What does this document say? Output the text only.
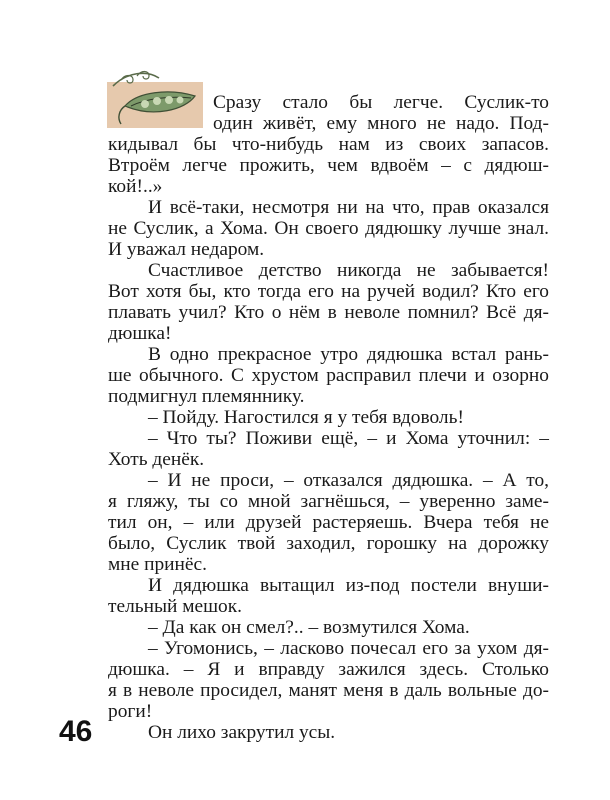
Сразу стало бы легче. Суслик-то
один живёт, ему много не надо. Под-
кидывал бы что-нибудь нам из своих запасов.
Втроём легче прожить, чем вдвоём – с дядюш-
кой!..»
И всё-таки, несмотря ни на что, прав оказался
не Суслик, а Хома. Он своего дядюшку лучше знал.
И уважал недаром.
Счастливое детство никогда не забывается!
Вот хотя бы, кто тогда его на ручей водил? Кто его
плавать учил? Кто о нём в неволе помнил? Всё дя-
дюшка!
В одно прекрасное утро дядюшка встал рань-
ше обычного. С хрустом расправил плечи и озорно
подмигнул племяннику.
– Пойду. Нагостился я у тебя вдоволь!
– Что ты? Поживи ещё, – и Хома уточнил: –
Хоть денёк.
– И не проси, – отказался дядюшка. – А то,
я гляжу, ты со мной загнёшься, – уверенно заме-
тил он, – или друзей растеряешь. Вчера тебя не
было, Суслик твой заходил, горошку на дорожку
мне принёс.
И дядюшка вытащил из-под постели внуши-
тельный мешок.
– Да как он смел?.. – возмутился Хома.
– Угомонись, – ласково почесал его за ухом дя-
дюшка. – Я и вправду зажился здесь. Столько
я в неволе просидел, манят меня в даль вольные до-
роги!
46	Он лихо закрутил усы.
